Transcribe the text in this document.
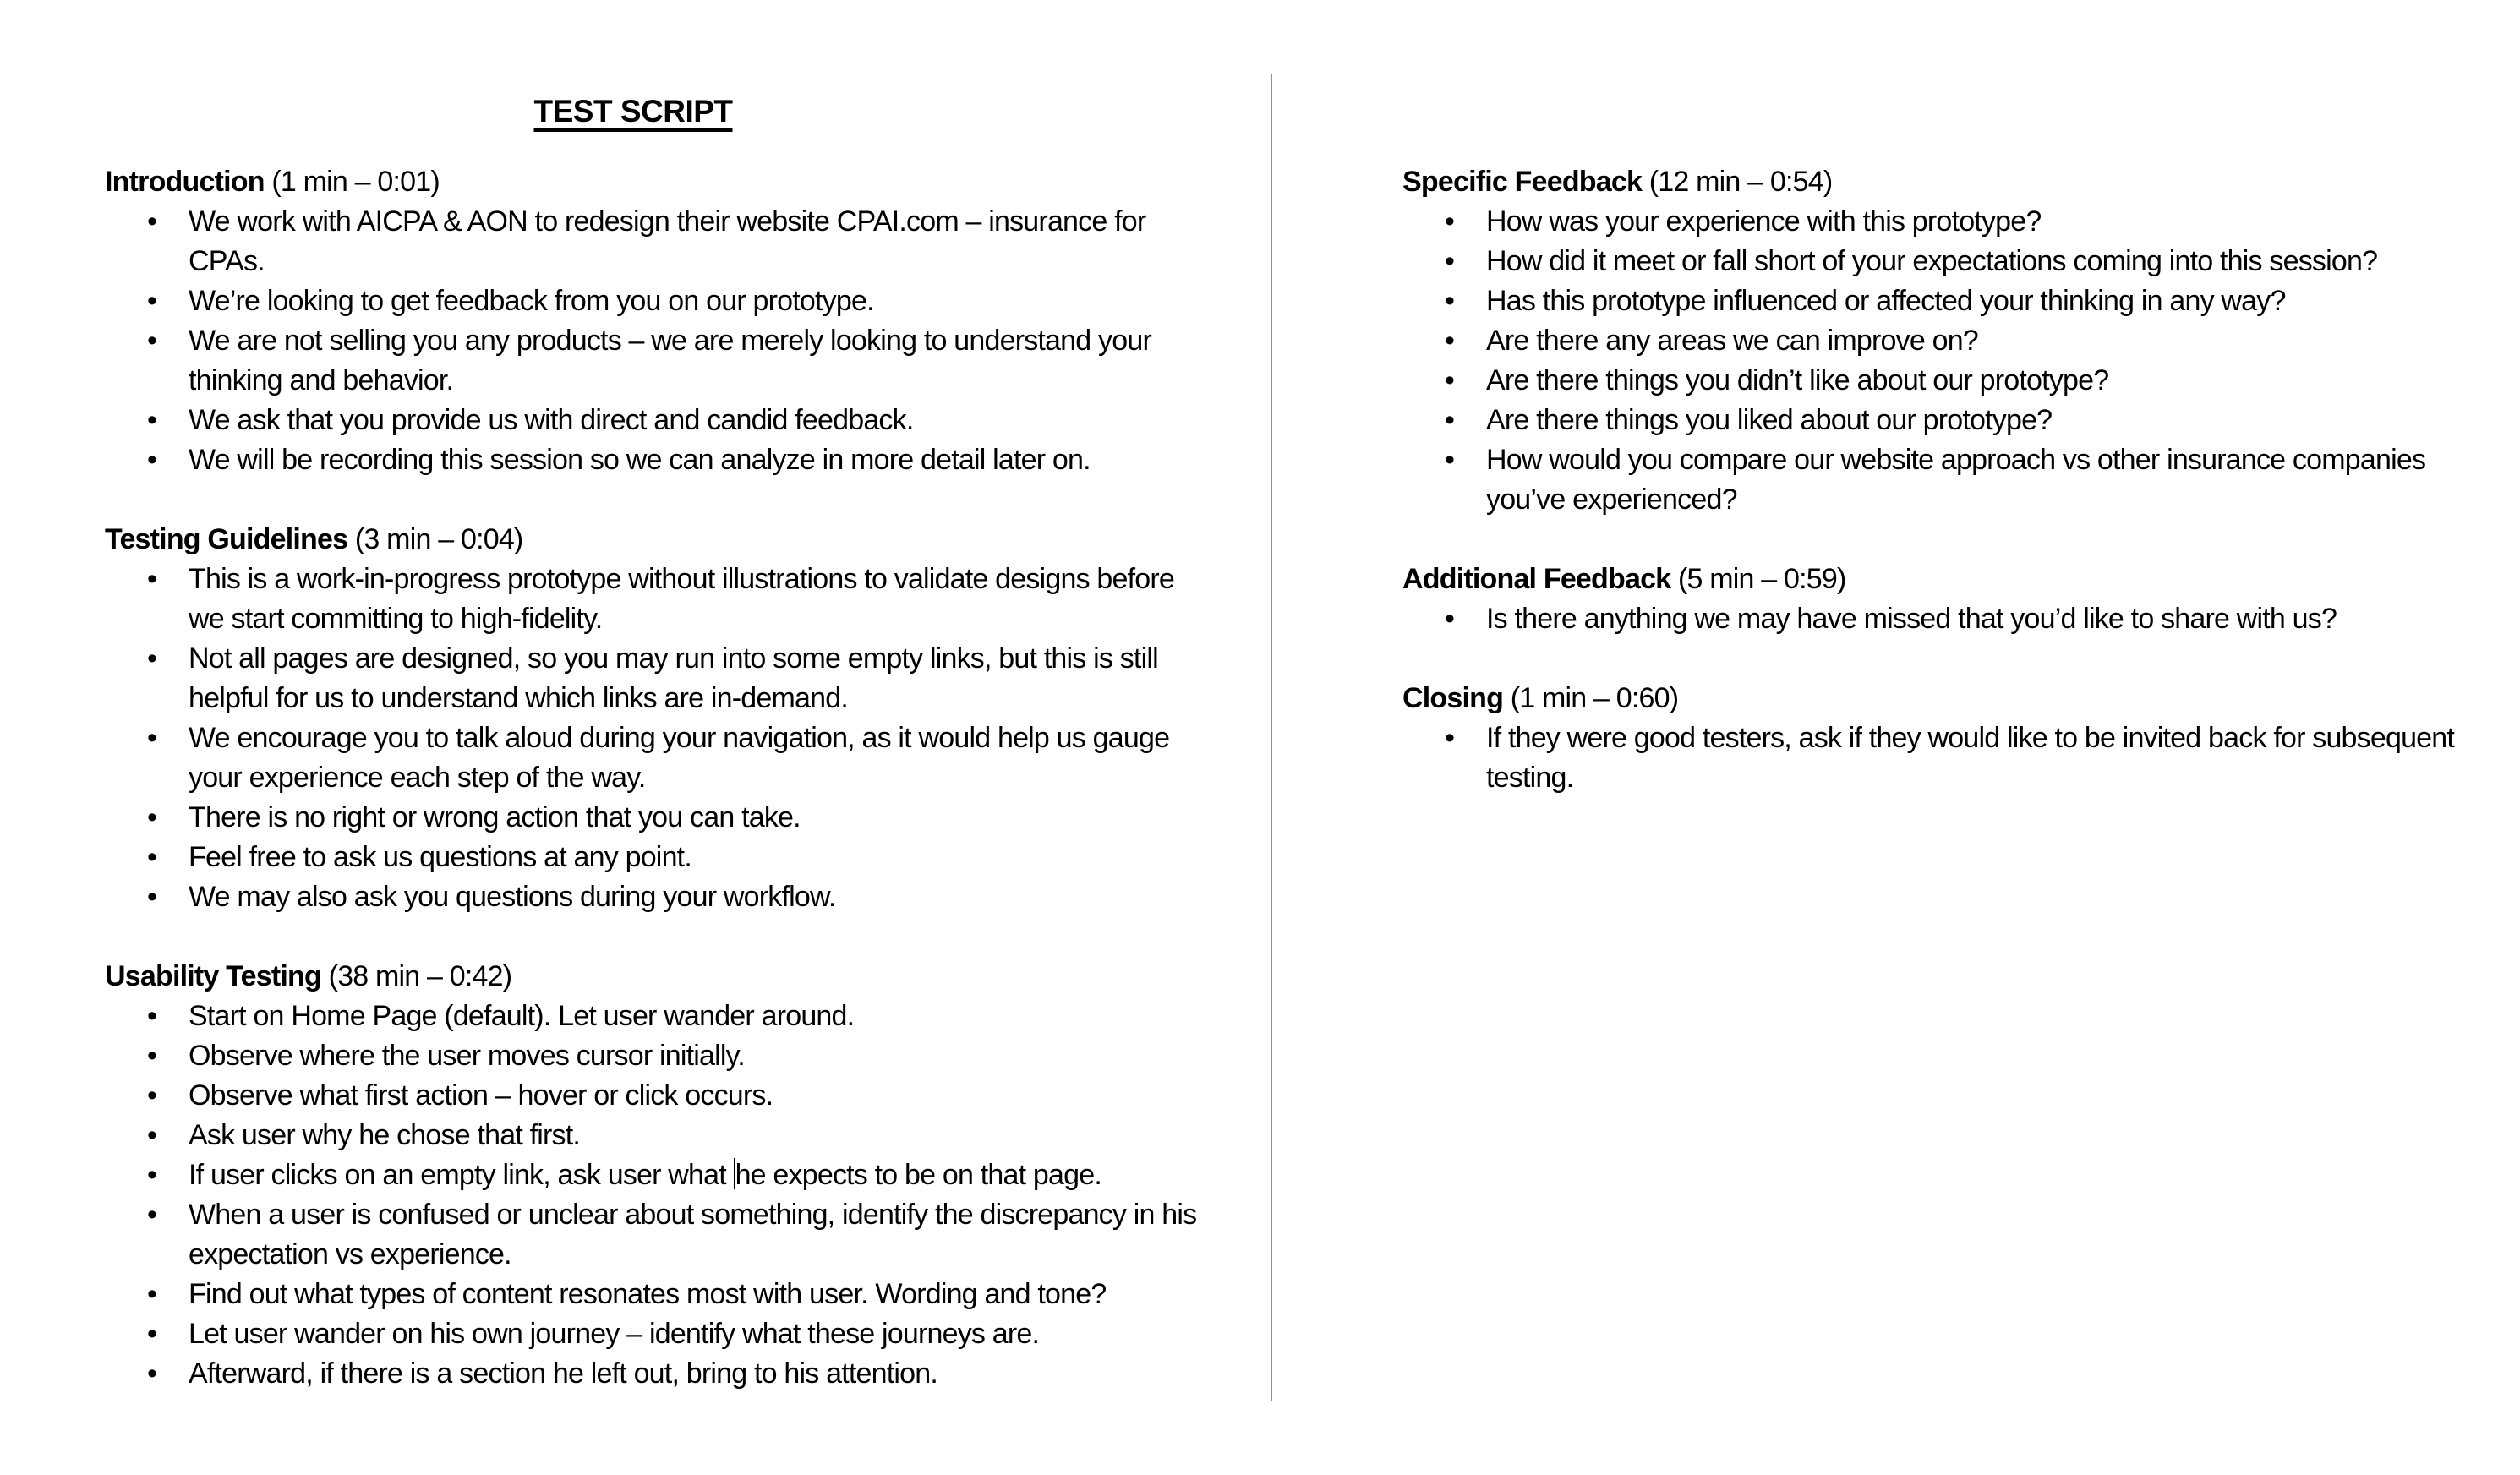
TEST SCRIPT

Introduction (1 min – 0:01)

• We work with AICPA & AON to redesign their website CPAI.com – insurance for CPAs.
• We’re looking to get feedback from you on our prototype.
• We are not selling you any products – we are merely looking to understand your thinking and behavior.
• We ask that you provide us with direct and candid feedback.
• We will be recording this session so we can analyze in more detail later on.

Testing Guidelines (3 min – 0:04)

• This is a work-in-progress prototype without illustrations to validate designs before we start committing to high-fidelity.
• Not all pages are designed, so you may run into some empty links, but this is still helpful for us to understand which links are in-demand.
• We encourage you to talk aloud during your navigation, as it would help us gauge your experience each step of the way.
• There is no right or wrong action that you can take.
• Feel free to ask us questions at any point.
• We may also ask you questions during your workflow.

Usability Testing (38 min – 0:42)

• Start on Home Page (default). Let user wander around.
• Observe where the user moves cursor initially.
• Observe what first action – hover or click occurs.
• Ask user why he chose that first.
• If user clicks on an empty link, ask user what he expects to be on that page.
• When a user is confused or unclear about something, identify the discrepancy in his expectation vs experience.
• Find out what types of content resonates most with user. Wording and tone?
• Let user wander on his own journey – identify what these journeys are.
• Afterward, if there is a section he left out, bring to his attention.

Specific Feedback (12 min – 0:54)

• How was your experience with this prototype?
• How did it meet or fall short of your expectations coming into this session?
• Has this prototype influenced or affected your thinking in any way?
• Are there any areas we can improve on?
• Are there things you didn’t like about our prototype?
• Are there things you liked about our prototype?
• How would you compare our website approach vs other insurance companies you’ve experienced?

Additional Feedback (5 min – 0:59)

• Is there anything we may have missed that you’d like to share with us?

Closing (1 min – 0:60)

• If they were good testers, ask if they would like to be invited back for subsequent testing.
